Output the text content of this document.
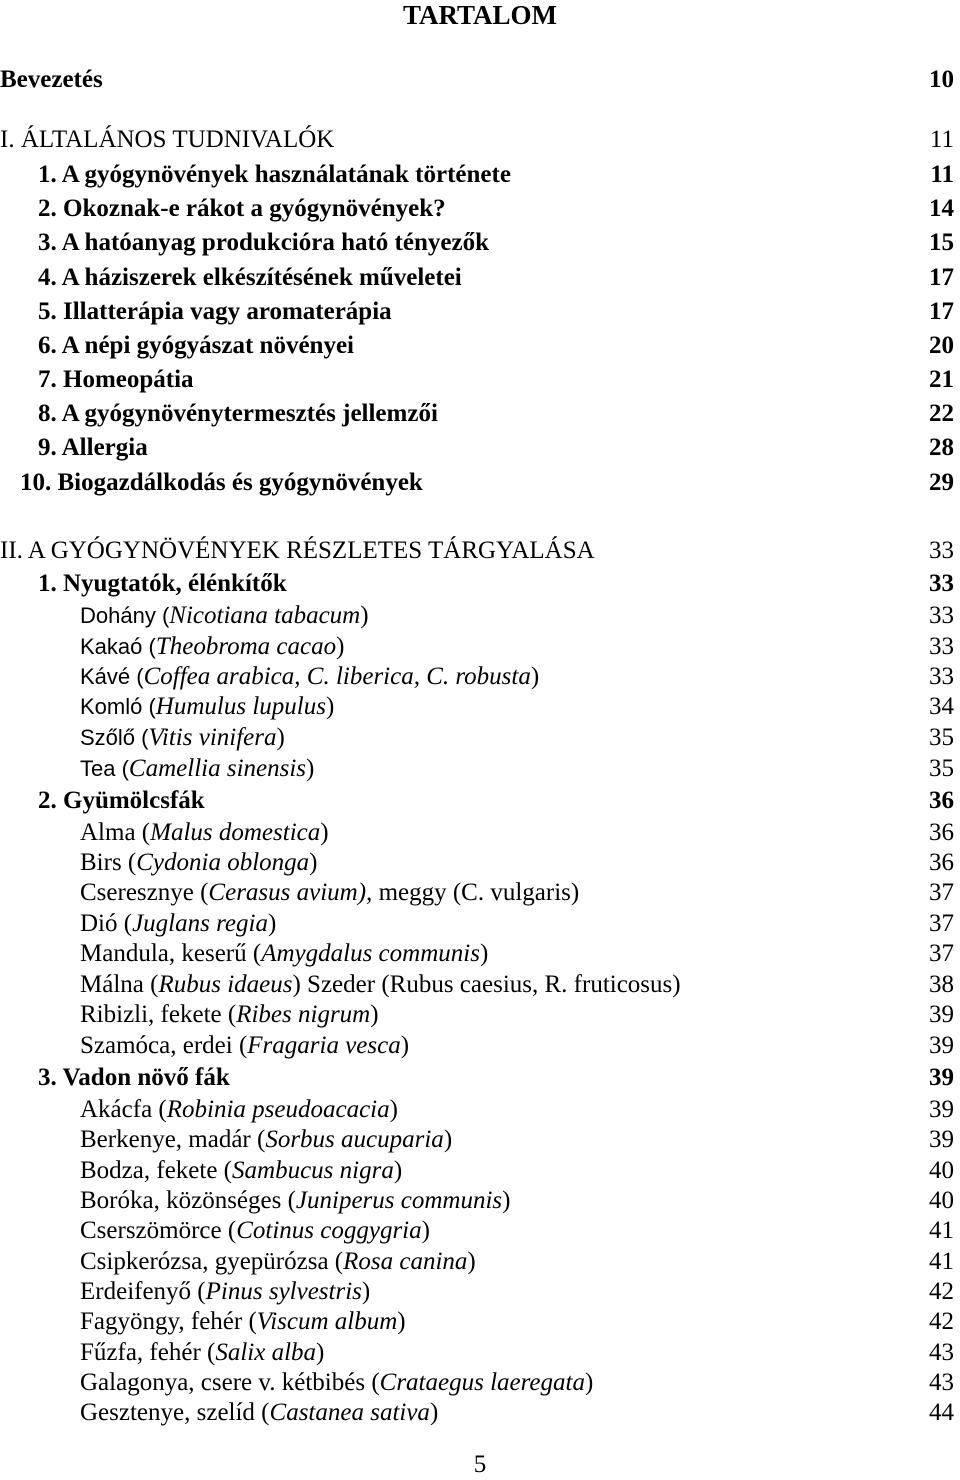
TARTALOM
Bevezetés	10
I. ÁLTALÁNOS TUDNIVALÓK	11
1. A gyógynövények használatának története	11
2. Okoznak-e rákot a gyógynövények?	14
3. A hatóanyag produkcióra ható tényezők	15
4. A háziszerek elkészítésének műveletei	17
5. Illatterápia vagy aromaterápia	17
6. A népi gyógyászat növényei	20
7. Homeopátia	21
8. A gyógynövénytermesztés jellemzői	22
9. Allergia	28
10. Biogazdálkodás és gyógynövények	29
II. A GYÓGYNÖVÉNYEK RÉSZLETES TÁRGYALÁSA	33
1. Nyugtatók, élénkítők	33
Dohány (Nicotiana tabacum)	33
Kakaó (Theobroma cacao)	33
Kávé (Coffea arabica, C. liberica, C. robusta)	33
Komló (Humulus lupulus)	34
Szőlő (Vitis vinifera)	35
Tea (Camellia sinensis)	35
2. Gyümölcsfák	36
Alma (Malus domestica)	36
Birs (Cydonia oblonga)	36
Cseresznye (Cerasus avium), meggy (C. vulgaris)	37
Dió (Juglans regia)	37
Mandula, keserű (Amygdalus communis)	37
Málna (Rubus idaeus) Szeder (Rubus caesius, R. fruticosus)	38
Ribizli, fekete (Ribes nigrum)	39
Szamóca, erdei (Fragaria vesca)	39
3. Vadon növő fák	39
Akácfa (Robinia pseudoacacia)	39
Berkenye, madár (Sorbus aucuparia)	39
Bodza, fekete (Sambucus nigra)	40
Boróka, közönséges (Juniperus communis)	40
Cserszömörce (Cotinus coggygria)	41
Csipkerózsa, gyepürózsa (Rosa canina)	41
Erdeifenyő (Pinus sylvestris)	42
Fagyöngy, fehér (Viscum album)	42
Fűzfa, fehér (Salix alba)	43
Galagonya, csere v. kétbibés (Crataegus laeregata)	43
Gesztenye, szelíd (Castanea sativa)	44
5
